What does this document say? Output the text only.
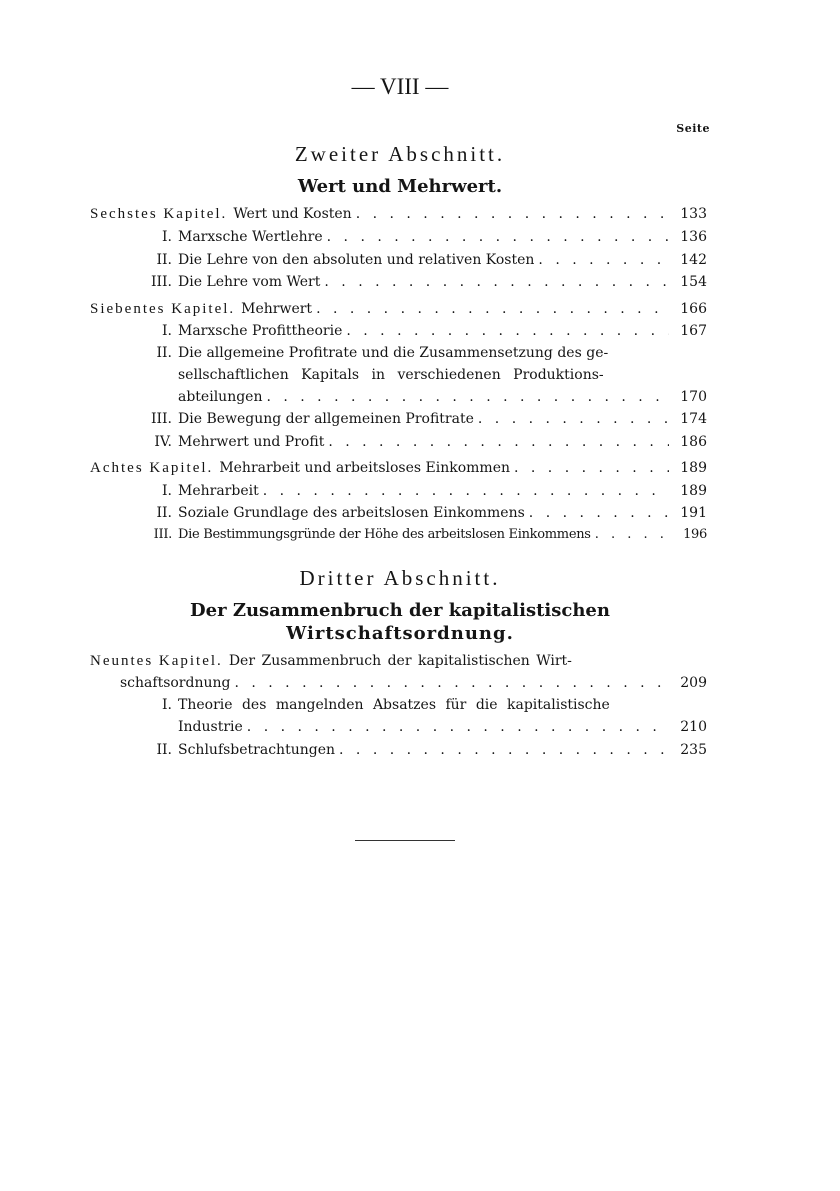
— VIII —
Seite
Zweiter Abschnitt.
Wert und Mehrwert.
Sechstes Kapitel. Wert und Kosten . . .	133
I. Marxsche Wertlehre . . .	136
II. Die Lehre von den absoluten und relativen Kosten . . .	142
III. Die Lehre vom Wert . . .	154
Siebentes Kapitel. Mehrwert . . .	166
I. Marxsche Profittheorie . . .	167
II. Die allgemeine Profitrate und die Zusammensetzung des ge-
sellschaftlichen Kapitals in verschiedenen Produktions-
abteilungen . . .	170
III. Die Bewegung der allgemeinen Profitrate . . .	174
IV. Mehrwert und Profit . . .	186
Achtes Kapitel. Mehrarbeit und arbeitsloses Einkommen . . .	189
I. Mehrarbeit . . .	189
II. Soziale Grundlage des arbeitslosen Einkommens . . .	191
III. Die Bestimmungsgründe der Höhe des arbeitslosen Einkommens . . .	196
Dritter Abschnitt.
Der Zusammenbruch der kapitalistischen
Wirtschaftsordnung.
Neuntes Kapitel. Der Zusammenbruch der kapitalistischen Wirt-
schaftsordnung . . .	209
I. Theorie des mangelnden Absatzes für die kapitalistische
Industrie . . .	210
II. Schlufsbetrachtungen . . .	235
